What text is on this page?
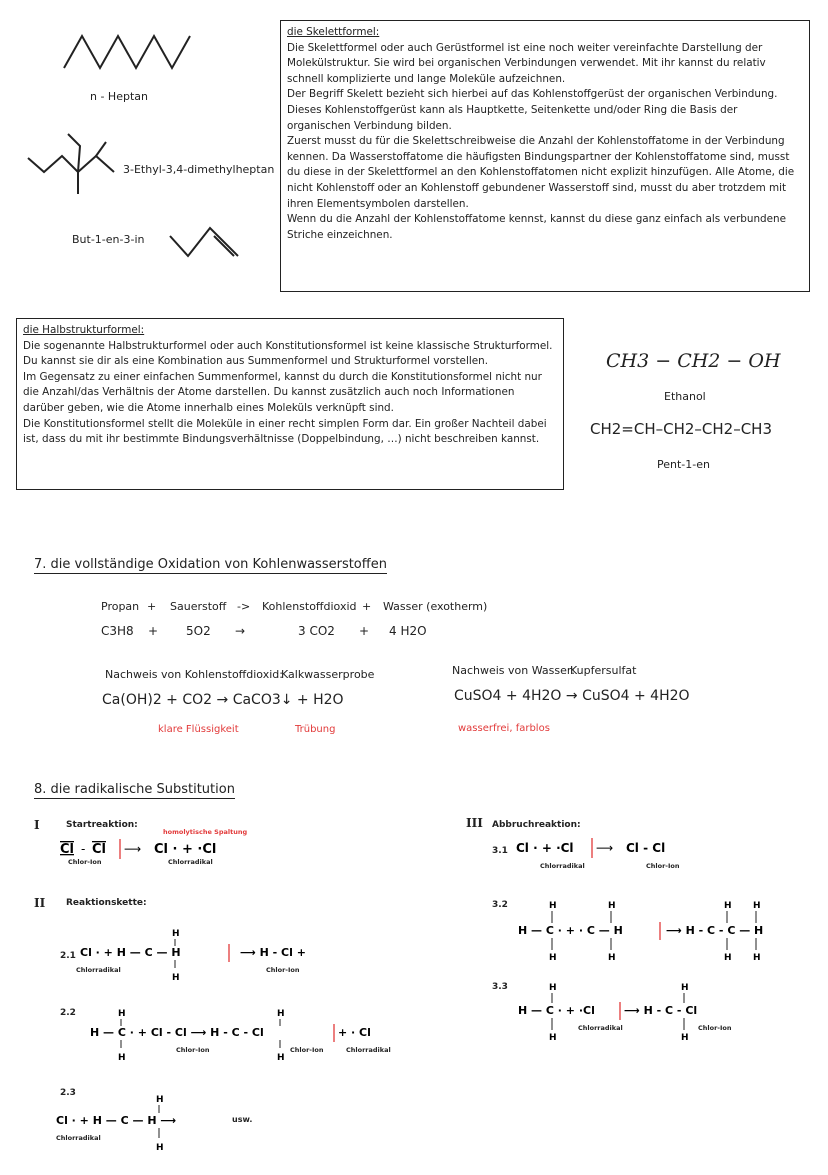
n - Heptan
3-Ethyl-3,4-dimethylheptan
But-1-en-3-in

die Skelettformel:

Die Skelettformel oder auch Gerüstformel ist eine noch weiter vereinfachte Darstellung der Molekülstruktur. Sie wird bei organischen Verbindungen verwendet. Mit ihr kannst du relativ schnell komplizierte und lange Moleküle aufzeichnen.

Der Begriff Skelett bezieht sich hierbei auf das Kohlenstoffgerüst der organischen Verbindung. Dieses Kohlenstoffgerüst kann als Hauptkette, Seitenkette und/oder Ring die Basis der organischen Verbindung bilden.

Zuerst musst du für die Skelettschreibweise die Anzahl der Kohlenstoffatome in der Verbindung kennen. Da Wasserstoffatome die häufigsten Bindungspartner der Kohlenstoffatome sind, musst du diese in der Skelettformel an den Kohlenstoffatomen nicht explizit hinzufügen. Alle Atome, die nicht Kohlenstoff oder an Kohlenstoff gebundener Wasserstoff sind, musst du aber trotzdem mit ihren Elementsymbolen darstellen.

Wenn du die Anzahl der Kohlenstoffatome kennst, kannst du diese ganz einfach als verbundene Striche einzeichnen.

die Halbstrukturformel:

Die sogenannte Halbstrukturformel oder auch Konstitutionsformel ist keine klassische Strukturformel. Du kannst sie dir als eine Kombination aus Summenformel und Strukturformel vorstellen.

Im Gegensatz zu einer einfachen Summenformel, kannst du durch die Konstitutionsformel nicht nur die Anzahl/das Verhältnis der Atome darstellen. Du kannst zusätzlich auch noch Informationen darüber geben, wie die Atome innerhalb eines Moleküls verknüpft sind.

Die Konstitutionsformel stellt die Moleküle in einer recht simplen Form dar. Ein großer Nachteil dabei ist, dass du mit ihr bestimmte Bindungsverhältnisse (Doppelbindung, …) nicht beschreiben kannst.

CH3 − CH2 − OH
Ethanol
CH2=CH–CH2–CH2–CH3
Pent-1-en
7. die vollständige Oxidation von Kohlenwasserstoffen
Propan + Sauerstoff -> Kohlenstoffdioxid + Wasser (exotherm)
C3H8 + 5O2 →	3 CO2 + 4 H2O
Nachweis von Kohlenstoffdioxid:
Kalkwasserprobe	Nachweis von Wasser:
Kupfersulfat
Ca(OH)2 + CO2 → CaCO3↓ + H2O	CuSO4 + 4H2O → CuSO4 + 4H2O
klare Flüssigkeit	Trübung	wasserfrei, farblos
8. die radikalische Substitution
I	Startreaktion:
homolytische Spaltung
Cl - Cl ⟶ Cl · + ·Cl
Chlor-Ion	Chlorradikal
II Reaktionskette:
2.1 Cl · + H — C — H
H
H
⟶ H - Cl +
Chlorradikal	Chlor-Ion
2.2
H — C · + Cl - Cl ⟶ H - C - Cl
H
H
H
H
+ · Cl
Chlor-Ion	Chlor-Ion	Chlorradikal
2.3
Cl · + H — C — H ⟶
H
H
usw.
Chlorradikal
III Abbruchreaktion:
3.1 Cl · + ·Cl ⟶ Cl - Cl
Chlorradikal	Chlor-Ion
3.2
H — C · + · C — H
H
H
H
H
⟶ H - C - C — H
H
H
H
H
3.3
H — C · + ·Cl
H
H
⟶ H - C - Cl
H
H
Chlorradikal	Chlor-Ion
